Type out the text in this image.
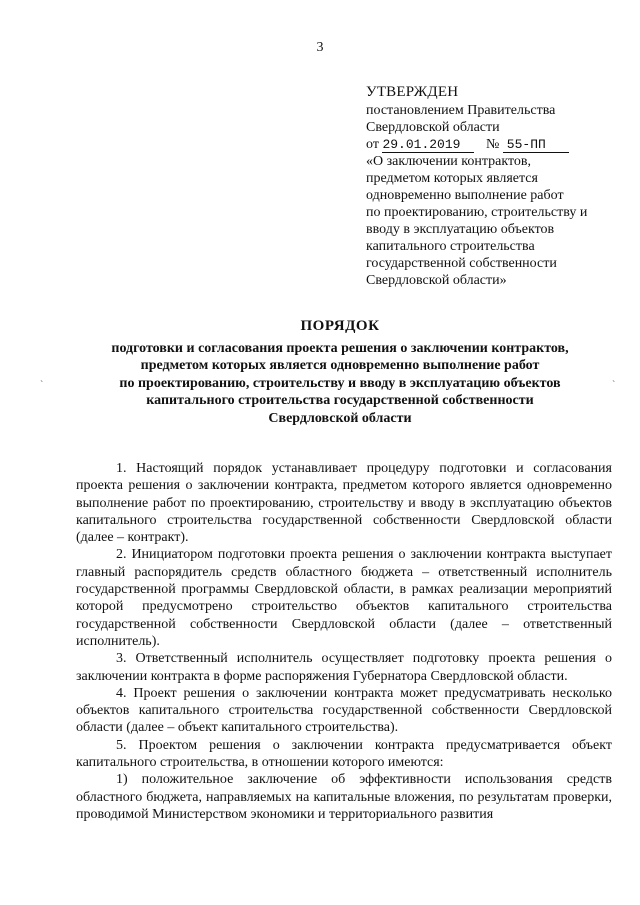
3
УТВЕРЖДЕН
постановлением Правительства
Свердловской области
от 29.01.2019 № 55-ПП
«О заключении контрактов,
предметом которых является
одновременно выполнение работ
по проектированию, строительству и
вводу в эксплуатацию объектов
капитального строительства
государственной собственности
Свердловской области»
ПОРЯДОК
подготовки и согласования проекта решения о заключении контрактов,
предметом которых является одновременно выполнение работ
по проектированию, строительству и вводу в эксплуатацию объектов
капитального строительства государственной собственности
Свердловской области
ˋ	ˋ

1. Настоящий порядок устанавливает процедуру подготовки и согласования проекта решения о заключении контракта, предметом которого является одновременно выполнение работ по проектированию, строительству и вводу в эксплуатацию объектов капитального строительства государственной собственности Свердловской области (далее – контракт).

2. Инициатором подготовки проекта решения о заключении контракта выступает главный распорядитель средств областного бюджета – ответственный исполнитель государственной программы Свердловской области, в рамках реализации мероприятий которой предусмотрено строительство объектов капитального строительства государственной собственности Свердловской области (далее – ответственный исполнитель).

3. Ответственный исполнитель осуществляет подготовку проекта решения о заключении контракта в форме распоряжения Губернатора Свердловской области.

4. Проект решения о заключении контракта может предусматривать несколько объектов капитального строительства государственной собственности Свердловской области (далее – объект капитального строительства).

5. Проектом решения о заключении контракта предусматривается объект капитального строительства, в отношении которого имеются:

1) положительное заключение об эффективности использования средств областного бюджета, направляемых на капитальные вложения, по результатам проверки, проводимой Министерством экономики и территориального развития
